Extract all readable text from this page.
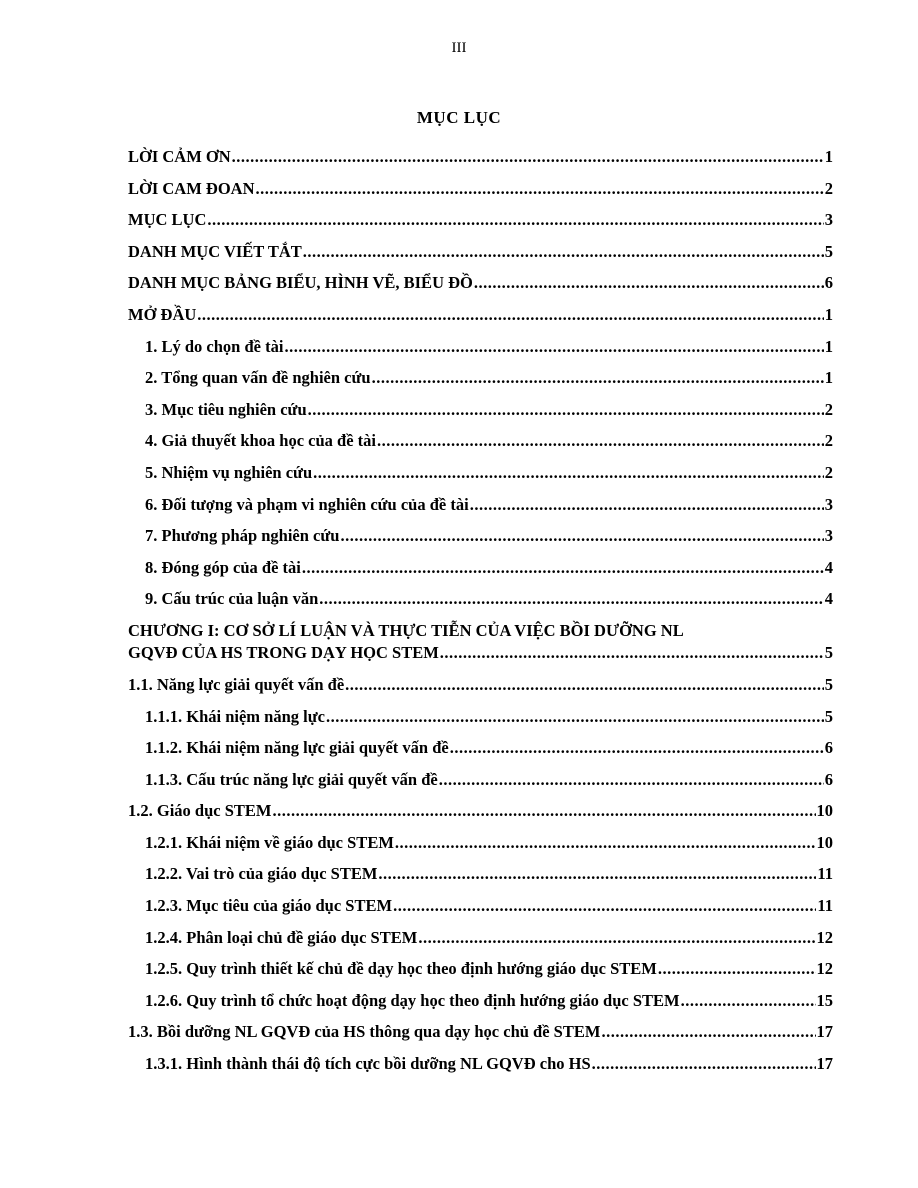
III
MỤC LỤC
LỜI CẢM ƠN .....	1
LỜI CAM ĐOAN .....	2
MỤC LỤC .....	3
DANH MỤC VIẾT TẮT .....	5
DANH MỤC BẢNG BIỂU, HÌNH VẼ, BIỂU ĐỒ .....	6
MỞ ĐẦU .....	1
1. Lý do chọn đề tài .....	1
2. Tổng quan vấn đề nghiên cứu .....	1
3. Mục tiêu nghiên cứu .....	2
4. Giả thuyết khoa học của đề tài .....	2
5. Nhiệm vụ nghiên cứu .....	2
6. Đối tượng và phạm vi nghiên cứu của đề tài .....	3
7. Phương pháp nghiên cứu .....	3
8. Đóng góp của đề tài .....	4
9. Cấu trúc của luận văn .....	4
CHƯƠNG I: CƠ SỞ LÍ LUẬN VÀ THỰC TIỄN CỦA VIỆC BỒI DƯỠNG NL
GQVĐ CỦA HS TRONG DẠY HỌC STEM .....	5
1.1. Năng lực giải quyết vấn đề .....	5
1.1.1. Khái niệm năng lực .....	5
1.1.2. Khái niệm năng lực giải quyết vấn đề .....	6
1.1.3. Cấu trúc năng lực giải quyết vấn đề .....	6
1.2. Giáo dục STEM .....	10
1.2.1. Khái niệm về giáo dục STEM .....	10
1.2.2. Vai trò của giáo dục STEM .....	11
1.2.3. Mục tiêu của giáo dục STEM .....	11
1.2.4. Phân loại chủ đề giáo dục STEM .....	12
1.2.5. Quy trình thiết kế chủ đề dạy học theo định hướng giáo dục STEM .....	12
1.2.6. Quy trình tổ chức hoạt động dạy học theo định hướng giáo dục STEM .....	15
1.3. Bồi dưỡng NL GQVĐ của HS thông qua dạy học chủ đề STEM .....	17
1.3.1. Hình thành thái độ tích cực bồi dưỡng NL GQVĐ cho HS .....	17
